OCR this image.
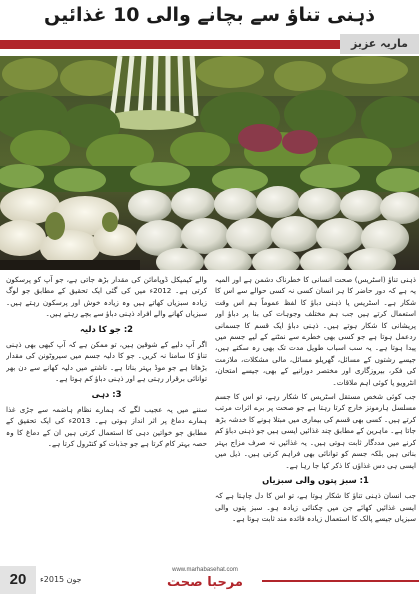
ذہنی تناؤ سے بچانے والی 10 غذائیں
ماریہ عزیز

ذہنی تناؤ (اسٹریس) صحت انسانی کا خطرناک دشمن ہے اور المیہ یہ ہے کہ دور حاضر کا ہر انسان کسی نہ کسی حوالے سے اس کا شکار ہے۔ اسٹریس یا ذہنی دباؤ کا لفظ عموماً ہم اس وقت استعمال کرتے ہیں جب ہم مختلف وجوہات کی بنا پر دباؤ اور پریشانی کا شکار ہوتے ہیں۔ ذہنی دباؤ ایک قسم کا جسمانی ردعمل ہوتا ہے جو کسی بھی خطرے سے نمٹنے کے لیے جسم میں پیدا ہوتا ہے۔ یہ سب اسباب طویل مدت تک بھی رہ سکتے ہیں، جیسے رشتوں کے مسائل، گھریلو مسائل، مالی مشکلات، ملازمت کی فکر، بیروزگاری اور مختصر دورانیے کے بھی، جیسے امتحان، انٹرویو یا کوئی اہم ملاقات۔

جب کوئی شخص مستقل اسٹریس کا شکار رہے، تو اس کا جسم مسلسل ہارمونز خارج کرتا رہتا ہے جو صحت پر برے اثرات مرتب کرتے ہیں۔ کسی بھی قسم کی بیماری میں مبتلا ہونے کا خدشہ بڑھ جاتا ہے۔ ماہرین کے مطابق چند غذائیں ایسی ہیں جو ذہنی دباؤ کم کرنے میں مددگار ثابت ہوتی ہیں۔ یہ غذائیں نہ صرف مزاج بہتر بناتی ہیں بلکہ جسم کو توانائی بھی فراہم کرتی ہیں۔ ذیل میں ایسی ہی دس غذاؤں کا ذکر کیا جا رہا ہے۔

1: سبز پتوں والی سبزیاں

جب انسان ذہنی تناؤ کا شکار ہوتا ہے، تو اس کا دل چاہتا ہے کہ ایسی غذائیں کھائے جن میں چکنائی زیادہ ہو۔ سبز پتوں والی سبزیاں جیسے پالک کا استعمال زیادہ فائدہ مند ثابت ہوتا ہے۔

والے کیمیکل ڈوپامائن کی مقدار بڑھ جاتی ہے، جو آپ کو پرسکون کرتی ہے۔ 2012ء میں کی گئی ایک تحقیق کے مطابق جو لوگ زیادہ سبزیاں کھاتے ہیں وہ زیادہ خوش اور پرسکون رہتے ہیں۔ سبزیاں کھانے والے افراد ذہنی دباؤ سے بچے رہتے ہیں۔

2: جو کا دلیہ

اگر آپ دلیے کے شوقین ہیں، تو ممکن ہے کہ آپ کبھی بھی ذہنی تناؤ کا سامنا نہ کریں۔ جو کا دلیہ جسم میں سیروٹونن کی مقدار بڑھاتا ہے جو موڈ بہتر بناتا ہے۔ ناشتے میں دلیہ کھانے سے دن بھر توانائی برقرار رہتی ہے اور ذہنی دباؤ کم ہوتا ہے۔

3: دہی

سننے میں یہ عجیب لگے کہ ہمارے نظام ہاضمہ سے جڑی غذا ہمارے دماغ پر اثر انداز ہوتی ہے۔ 2013ء کی ایک تحقیق کے مطابق جو خواتین دہی کا استعمال کرتی ہیں ان کے دماغ کا وہ حصہ بہتر کام کرتا ہے جو جذبات کو کنٹرول کرتا ہے۔

20	جون 2015ء
www.marhabasehat.com
مرحبا صحت
